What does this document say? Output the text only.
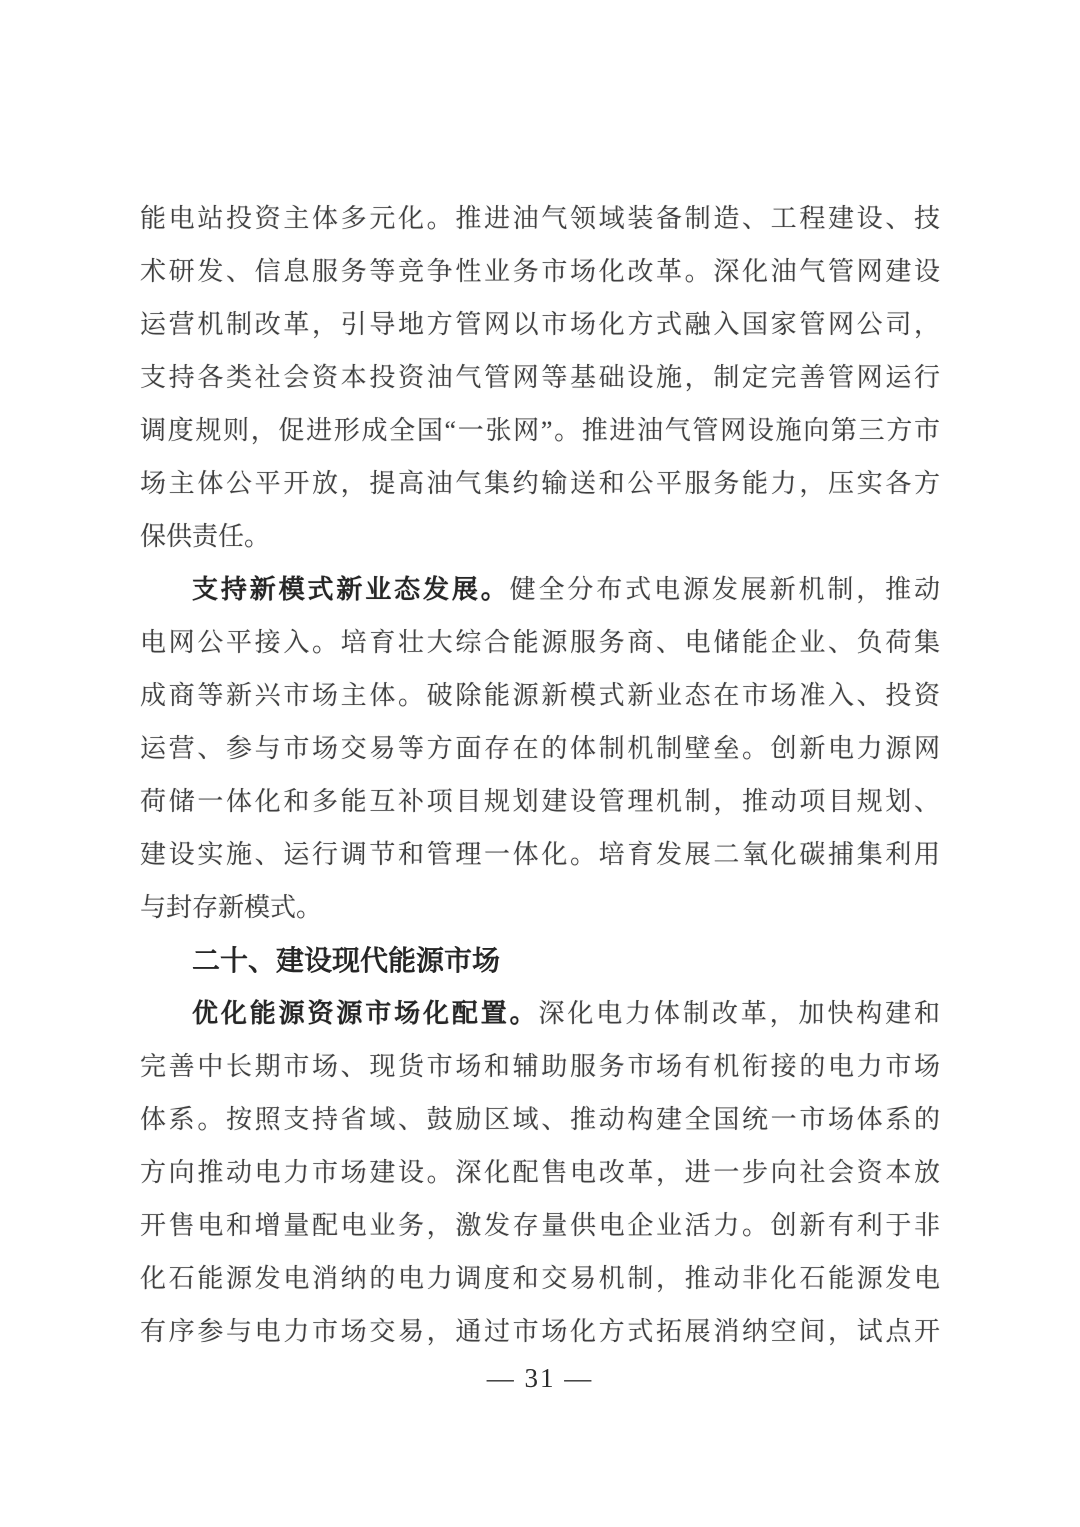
能电站投资主体多元化。推进油气领域装备制造、工程建设、技
术研发、信息服务等竞争性业务市场化改革。深化油气管网建设
运营机制改革，引导地方管网以市场化方式融入国家管网公司，
支持各类社会资本投资油气管网等基础设施，制定完善管网运行
调度规则，促进形成全国“一张网”。推进油气管网设施向第三方市
场主体公平开放，提高油气集约输送和公平服务能力，压实各方
保供责任。
支持新模式新业态发展。健全分布式电源发展新机制，推动
电网公平接入。培育壮大综合能源服务商、电储能企业、负荷集
成商等新兴市场主体。破除能源新模式新业态在市场准入、投资
运营、参与市场交易等方面存在的体制机制壁垒。创新电力源网
荷储一体化和多能互补项目规划建设管理机制，推动项目规划、
建设实施、运行调节和管理一体化。培育发展二氧化碳捕集利用
与封存新模式。
二十、建设现代能源市场
优化能源资源市场化配置。深化电力体制改革，加快构建和
完善中长期市场、现货市场和辅助服务市场有机衔接的电力市场
体系。按照支持省域、鼓励区域、推动构建全国统一市场体系的
方向推动电力市场建设。深化配售电改革，进一步向社会资本放
开售电和增量配电业务，激发存量供电企业活力。创新有利于非
化石能源发电消纳的电力调度和交易机制，推动非化石能源发电
有序参与电力市场交易，通过市场化方式拓展消纳空间，试点开
— 31 —
